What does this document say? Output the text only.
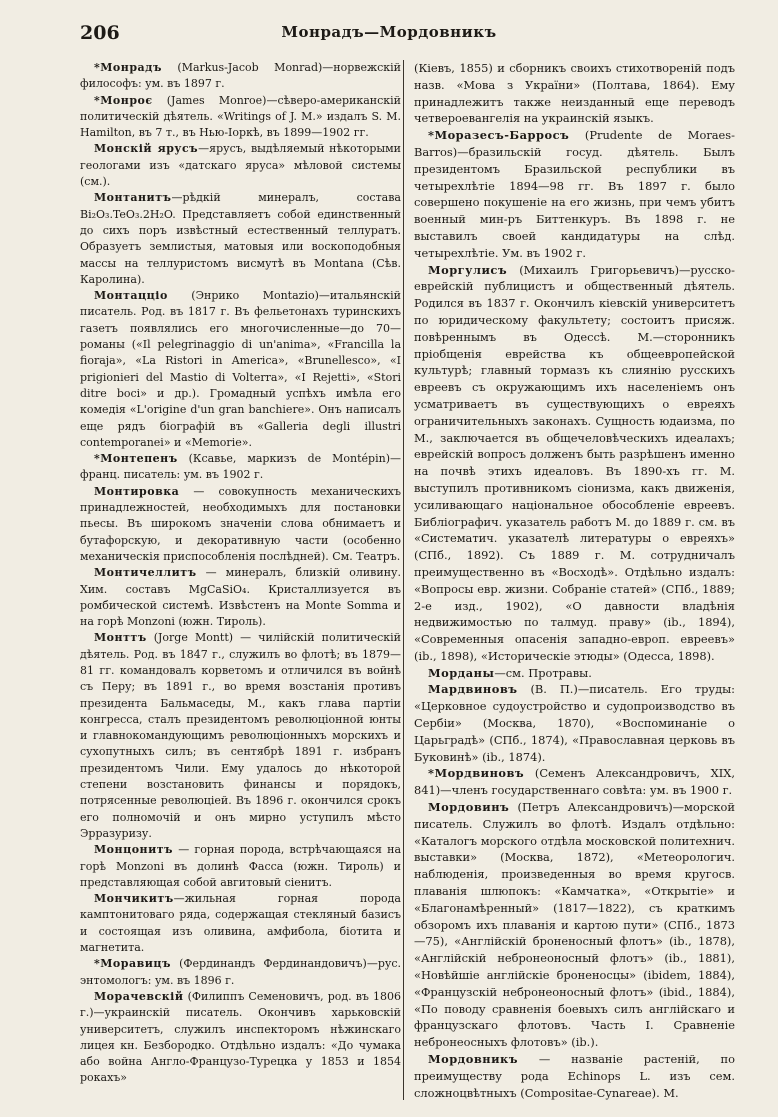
206	Монрадъ—Мордовникъ

*Монрадъ (Markus-Jacob Monrad)—норвежскій философъ: ум. въ 1897 г.

*Монроє (James Monroe)—сѣверо-американскій политическій дѣятель. «Writings of J. M.» издалъ S. M. Hamilton, въ 7 т., въ Нью-Іоркѣ, въ 1899—1902 гг.

Монскій ярусъ—ярусъ, выдѣляемый нѣкоторыми геологами изъ «датскаго яруса» мѣловой системы (см.).

Монтанитъ—рѣдкій минералъ, состава Bi₂O₃.TeO₃.2H₂O. Представляетъ собой единственный до сихъ поръ извѣстный естественный теллуратъ. Образуетъ землистыя, матовыя или воскоподобныя массы на теллуристомъ висмутѣ въ Montana (Сѣв. Каролина).

Монтацціо (Энрико Montazio)—итальянскій писатель. Род. въ 1817 г. Въ фельетонахъ туринскихъ газетъ появлялись его многочисленные—до 70—романы («Il pelegrinaggio di un'anima», «Francilla la fioraja», «La Ristori in America», «Brunellesco», «I prigionieri del Mastio di Volterra», «I Rejetti», «Stori ditre boci» и др.). Громадный успѣхъ имѣла его комедія «L'origine d'un gran banchiere». Онъ написалъ еще рядъ біографій въ «Galleria degli illustri contemporanei» и «Memorie».

*Монтепенъ (Ксавье, маркизъ de Montépin)—франц. писатель: ум. въ 1902 г.

Монтировка — совокупность механическихъ принадлежностей, необходимыхъ для постановки пьесы. Въ широкомъ значеніи слова обнимаетъ и бутафорскую, и декоративную части (особенно механическія приспособленія послѣдней). См. Театръ.

Монтичеллитъ — минералъ, близкій оливину. Хим. составъ MgCaSiO₄. Кристаллизуется въ ромбической системѣ. Извѣстенъ на Monte Somma и на горѣ Monzoni (южн. Тироль).

Монттъ (Jorge Montt) — чилійскій политическій дѣятель. Род. въ 1847 г., служилъ во флотѣ; въ 1879—81 гг. командовалъ корветомъ и отличился въ войнѣ съ Перу; въ 1891 г., во время возстанія противъ президента Бальмаседы, М., какъ глава партіи конгресса, сталъ президентомъ революціонной юнты и главнокомандующимъ революціонныхъ морскихъ и сухопутныхъ силъ; въ сентябрѣ 1891 г. избранъ президентомъ Чили. Ему удалось до нѣкоторой степени возстановить финансы и порядокъ, потрясенные революціей. Въ 1896 г. окончился срокъ его полномочій и онъ мирно уступилъ мѣсто Эрразуризу.

Монцонитъ — горная порода, встрѣчающаяся на горѣ Monzoni въ долинѣ Фасса (южн. Тироль) и представляющая собой авгитовый сіенитъ.

Мончикитъ—жильная горная порода камптонитоваго ряда, содержащая стекляный базисъ и состоящая изъ оливина, амфибола, біотита и магнетита.

*Моравицъ (Фердинандъ Фердинандовичъ)—рус. энтомологъ: ум. въ 1896 г.

Морачевскій (Филиппъ Семеновичъ, род. въ 1806 г.)—украинскій писатель. Окончивъ харьковскій университетъ, служилъ инспекторомъ нѣжинскаго лицея кн. Безбородко. Отдѣльно издалъ: «До чумака або война Англо-Французо-Турецка у 1853 и 1854 рокахъ»

(Кіевъ, 1855) и сборникъ своихъ стихотвореній подъ назв. «Мова з України» (Полтава, 1864). Ему принадлежитъ также неизданный еще переводъ четвероевангелія на украинскій языкъ.

*Моразесъ-Барросъ (Prudente de Moraes-Barros)—бразильскій госуд. дѣятель. Былъ президентомъ Бразильской республики въ четырехлѣтіе 1894—98 гг. Въ 1897 г. было совершено покушеніе на его жизнь, при чемъ убитъ военный мин-ръ Биттенкуръ. Въ 1898 г. не выставилъ своей кандидатуры на слѣд. четырехлѣтіе. Ум. въ 1902 г.

Моргулисъ (Михаилъ Григорьевичъ)—русско-еврейскій публицистъ и общественный дѣятель. Родился въ 1837 г. Окончилъ кіевскій университетъ по юридическому факультету; состоитъ присяж. повѣреннымъ въ Одессѣ. М.—сторонникъ пріобщенія еврейства къ общеевропейской культурѣ; главный тормазъ къ слиянію русскихъ евреевъ съ окружающимъ ихъ населеніемъ онъ усматриваетъ въ существующихъ о евреяхъ ограничительныхъ законахъ. Сущность юдаизма, по М., заключается въ общечеловѣческихъ идеалахъ; еврейскій вопросъ долженъ быть разрѣшенъ именно на почвѣ этихъ идеаловъ. Въ 1890-хъ гг. М. выступилъ противникомъ сіонизма, какъ движенія, усиливающаго національное обособленіе евреевъ. Библіографич. указатель работъ М. до 1889 г. см. въ «Систематич. указателѣ литературы о евреяхъ» (СПб., 1892). Съ 1889 г. М. сотрудничалъ преимущественно въ «Восходѣ». Отдѣльно издалъ: «Вопросы евр. жизни. Собраніе статей» (СПб., 1889; 2-е изд., 1902), «О давности владѣнія недвижимостью по талмуд. праву» (ib., 1894), «Современныя опасенія западно-европ. евреевъ» (ib., 1898), «Историческіе этюды» (Одесса, 1898).

Морданы—см. Протравы.

Мардвиновъ (В. П.)—писатель. Его труды: «Церковное судоустройство и судопроизводство въ Сербіи» (Москва, 1870), «Воспоминаніе о Царьградѣ» (СПб., 1874), «Православная церковь въ Буковинѣ» (ib., 1874).

*Мордвиновъ (Семенъ Александровичъ, XIX, 841)—членъ государственнаго совѣта: ум. въ 1900 г.

Мордовинъ (Петръ Александровичъ)—морской писатель. Служилъ во флотѣ. Издалъ отдѣльно: «Каталогъ морского отдѣла московской политехнич. выставки» (Москва, 1872), «Метеорологич. наблюденія, произведенныя во время кругосв. плаванія шлюпокъ: «Камчатка», «Открытіе» и «Благонамѣренный» (1817—1822), съ краткимъ обзоромъ ихъ плаванія и картою пути» (СПб., 1873—75), «Англійскій броненосный флотъ» (ib., 1878), «Англійскій небронеоносный флотъ» (ib., 1881), «Новѣйшіе англійскіе броненосцы» (ibidem, 1884), «Французскій небронеоносный флотъ» (ibid., 1884), «По поводу сравненія боевыхъ силъ англійскаго и французскаго флотовъ. Часть I. Сравненіе небронеосныхъ флотовъ» (ib.).

Мордовникъ — названіе растеній, по преимуществу рода Echinops L. изъ сем. сложноцвѣтныхъ (Compositae-Cynareae). М.
